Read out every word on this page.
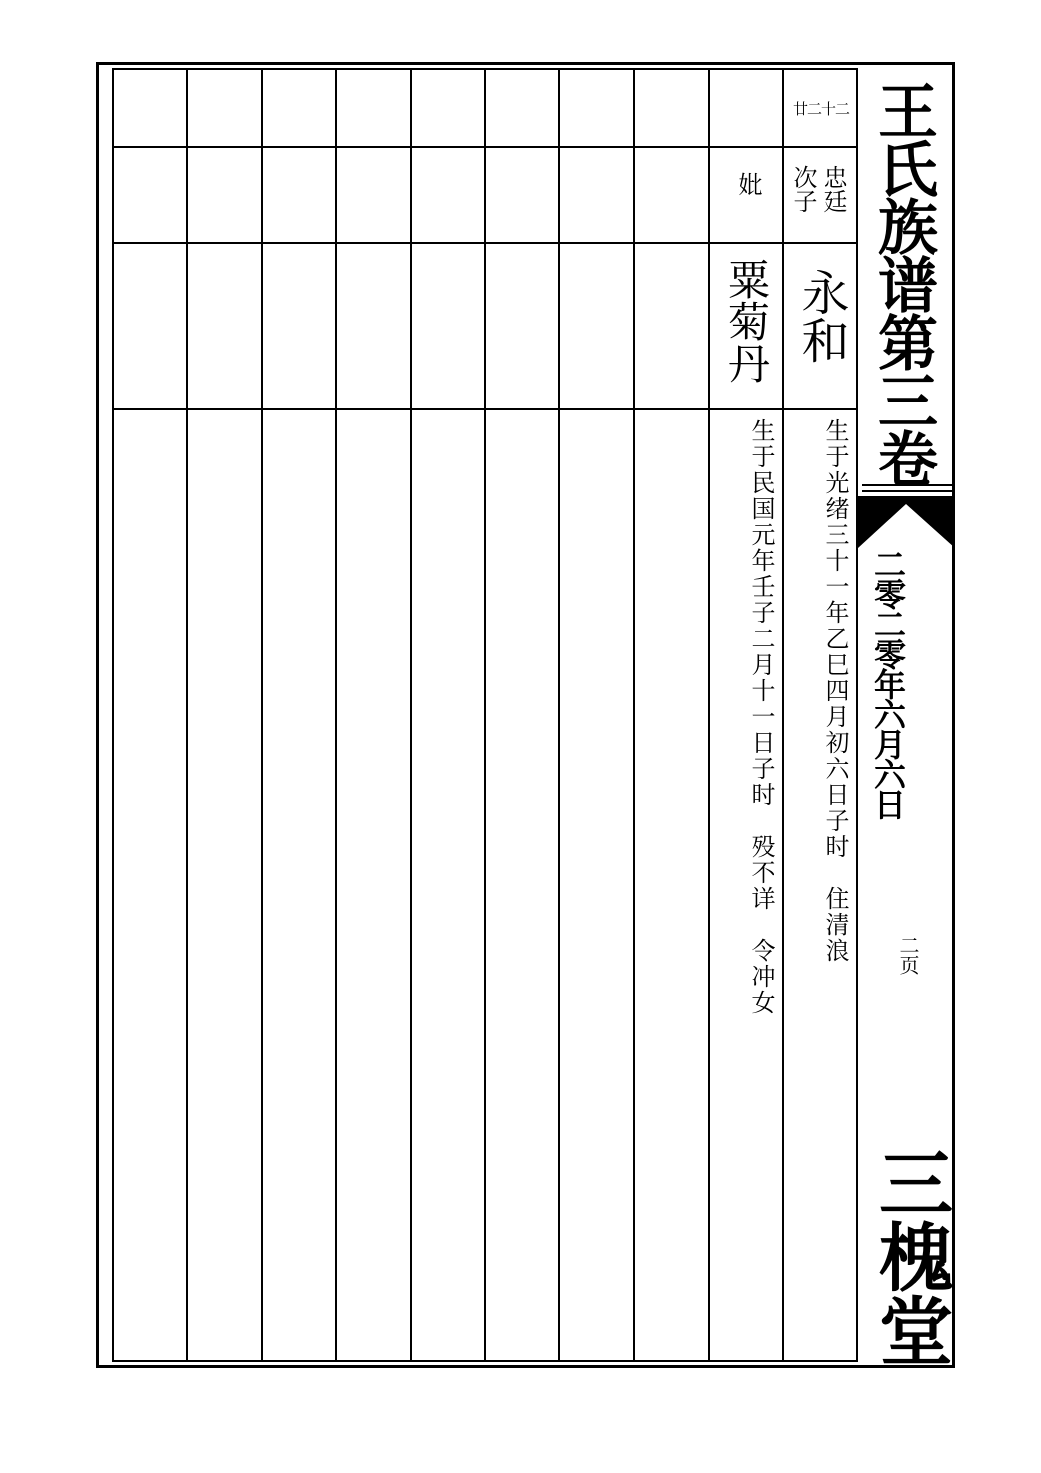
廿二十二
忠廷
次子
永和
生于光绪三十一年乙巳四月初六日子时　住清浪
妣
粟菊丹
生于民国元年壬子二月十一日子时　殁不详　令冲女
王氏族谱第三卷
二零二零年六月六日
二页
三槐堂
